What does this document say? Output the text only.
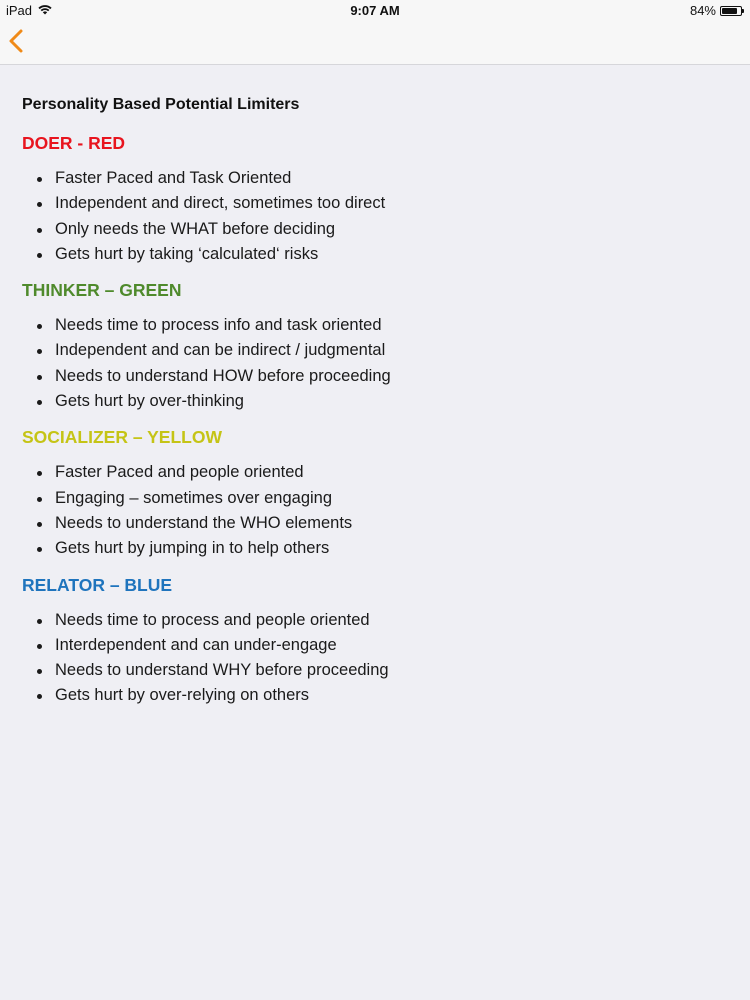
iPad	9:07 AM	84%
Personality Based Potential Limiters
DOER - RED
Faster Paced and Task Oriented
Independent and direct, sometimes too direct
Only needs the WHAT before deciding
Gets hurt by taking ‘calculated‘ risks
THINKER – GREEN
Needs time to process info and task oriented
Independent and can be indirect / judgmental
Needs to understand HOW before proceeding
Gets hurt by over-thinking
SOCIALIZER – YELLOW
Faster Paced and people oriented
Engaging – sometimes over engaging
Needs to understand the WHO elements
Gets hurt by jumping in to help others
RELATOR – BLUE
Needs time to process and people oriented
Interdependent and can under-engage
Needs to understand WHY before proceeding
Gets hurt by over-relying on others
